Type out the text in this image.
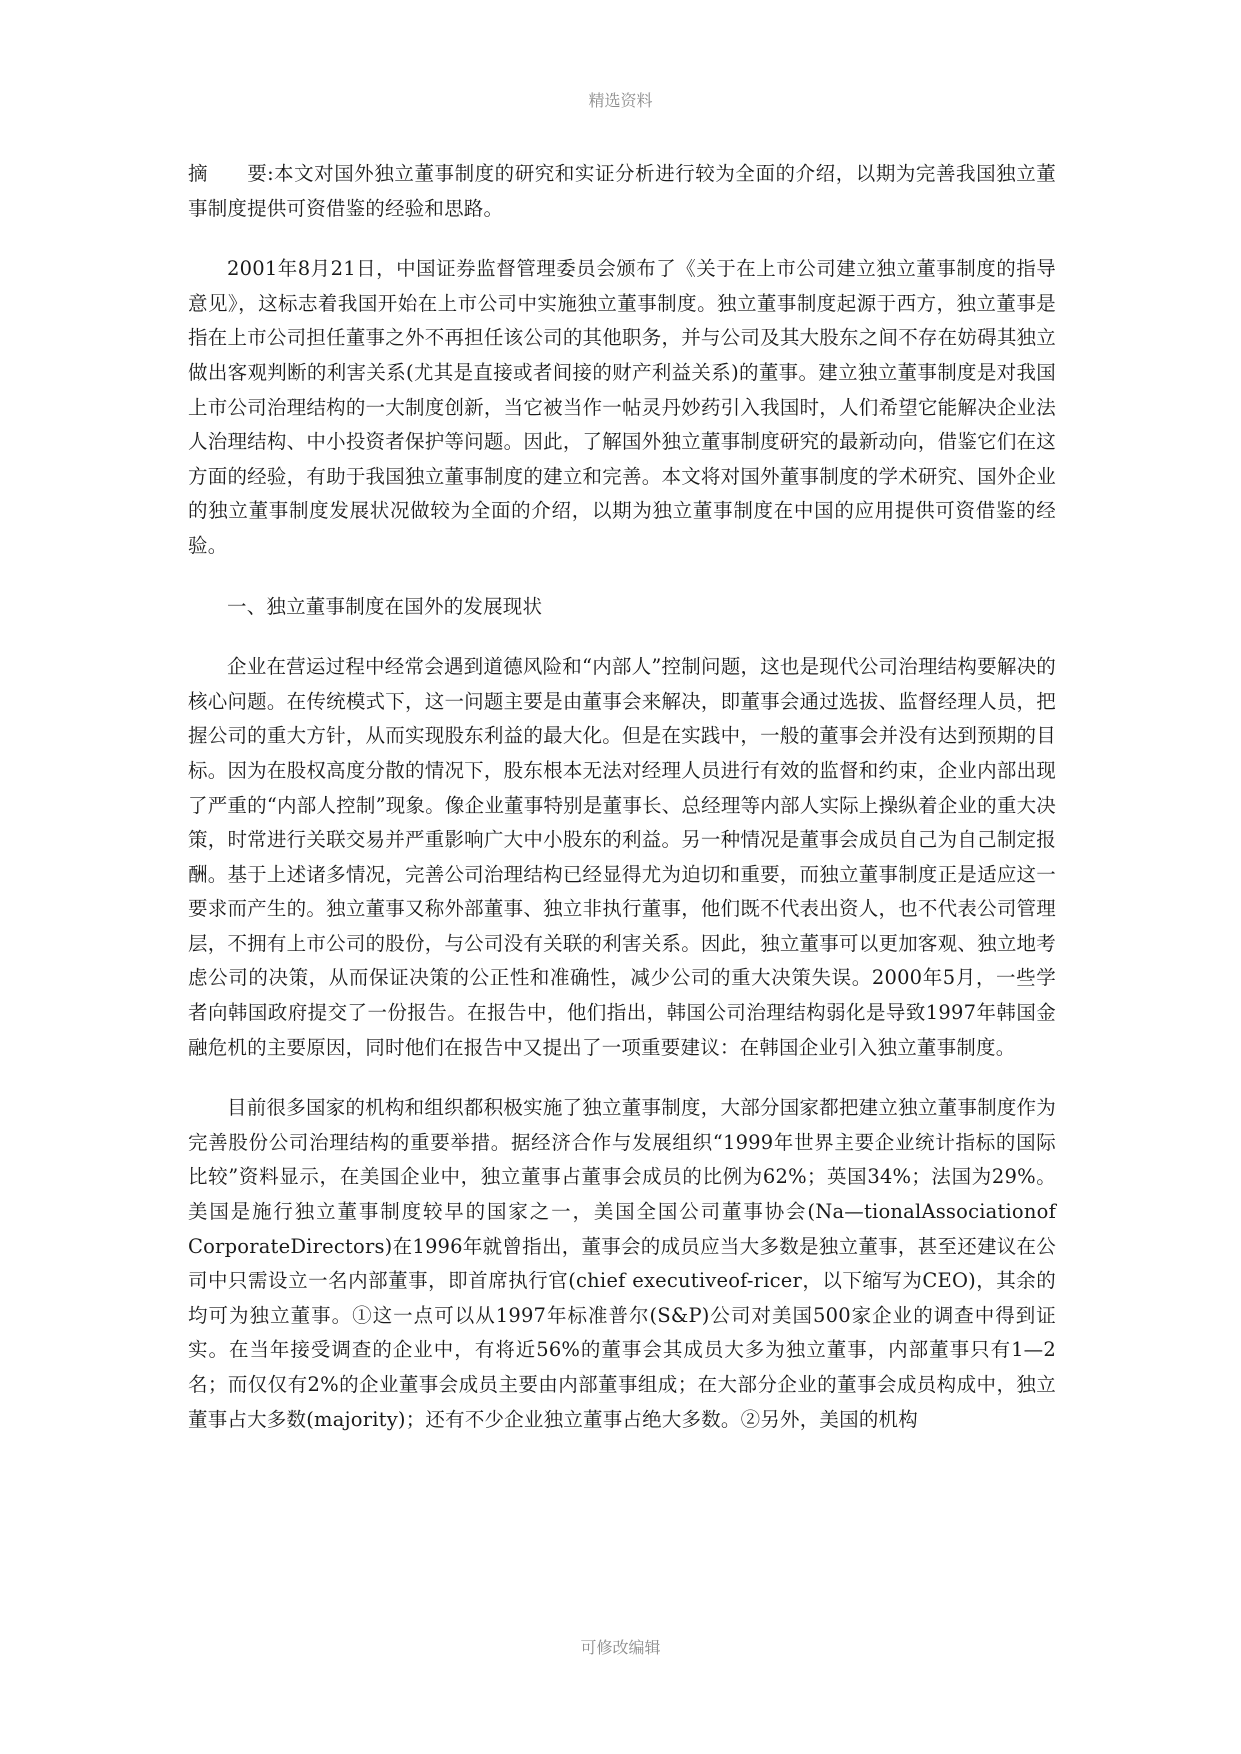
精选资料

摘 要:本文对国外独立董事制度的研究和实证分析进行较为全面的介绍，以期为完善我国独立董事制度提供可资借鉴的经验和思路。

2001年8月21日，中国证券监督管理委员会颁布了《关于在上市公司建立独立董事制度的指导意见》，这标志着我国开始在上市公司中实施独立董事制度。独立董事制度起源于西方，独立董事是指在上市公司担任董事之外不再担任该公司的其他职务，并与公司及其大股东之间不存在妨碍其独立做出客观判断的利害关系(尤其是直接或者间接的财产利益关系)的董事。建立独立董事制度是对我国上市公司治理结构的一大制度创新，当它被当作一帖灵丹妙药引入我国时，人们希望它能解决企业法人治理结构、中小投资者保护等问题。因此，了解国外独立董事制度研究的最新动向，借鉴它们在这方面的经验，有助于我国独立董事制度的建立和完善。本文将对国外董事制度的学术研究、国外企业的独立董事制度发展状况做较为全面的介绍，以期为独立董事制度在中国的应用提供可资借鉴的经验。

一、独立董事制度在国外的发展现状

企业在营运过程中经常会遇到道德风险和“内部人”控制问题，这也是现代公司治理结构要解决的核心问题。在传统模式下，这一问题主要是由董事会来解决，即董事会通过选拔、监督经理人员，把握公司的重大方针，从而实现股东利益的最大化。但是在实践中，一般的董事会并没有达到预期的目标。因为在股权高度分散的情况下，股东根本无法对经理人员进行有效的监督和约束，企业内部出现了严重的“内部人控制”现象。像企业董事特别是董事长、总经理等内部人实际上操纵着企业的重大决策，时常进行关联交易并严重影响广大中小股东的利益。另一种情况是董事会成员自己为自己制定报酬。基于上述诸多情况，完善公司治理结构已经显得尤为迫切和重要，而独立董事制度正是适应这一要求而产生的。独立董事又称外部董事、独立非执行董事，他们既不代表出资人，也不代表公司管理层，不拥有上市公司的股份，与公司没有关联的利害关系。因此，独立董事可以更加客观、独立地考虑公司的决策，从而保证决策的公正性和准确性，减少公司的重大决策失误。2000年5月，一些学者向韩国政府提交了一份报告。在报告中，他们指出，韩国公司治理结构弱化是导致1997年韩国金融危机的主要原因，同时他们在报告中又提出了一项重要建议：在韩国企业引入独立董事制度。

目前很多国家的机构和组织都积极实施了独立董事制度，大部分国家都把建立独立董事制度作为完善股份公司治理结构的重要举措。据经济合作与发展组织“1999年世界主要企业统计指标的国际比较”资料显示，在美国企业中，独立董事占董事会成员的比例为62%；英国34%；法国为29%。美国是施行独立董事制度较早的国家之一，美国全国公司董事协会(Na—tionalAssociationof CorporateDirectors)在1996年就曾指出，董事会的成员应当大多数是独立董事，甚至还建议在公司中只需设立一名内部董事，即首席执行官(chief executiveof-ricer，以下缩写为CEO)，其余的均可为独立董事。①这一点可以从1997年标准普尔(S&P)公司对美国500家企业的调查中得到证实。在当年接受调查的企业中，有将近56%的董事会其成员大多为独立董事，内部董事只有1—2名；而仅仅有2%的企业董事会成员主要由内部董事组成；在大部分企业的董事会成员构成中，独立董事占大多数(majority)；还有不少企业独立董事占绝大多数。②另外，美国的机构

可修改编辑
